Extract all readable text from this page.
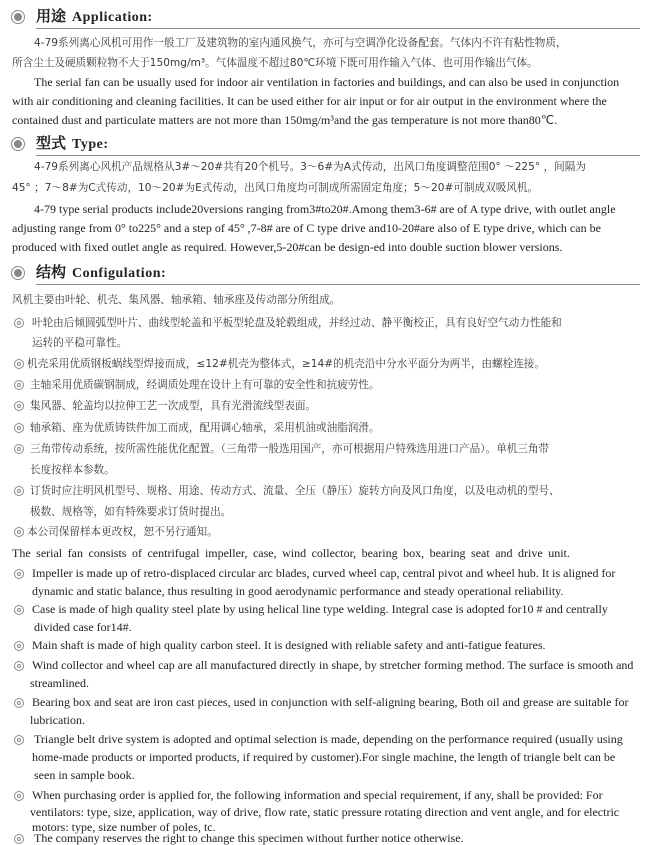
用途 Application:
4-79系列离心风机可用作一般工厂及建筑物的室内通风换气，亦可与空调净化设备配套。气体内不许有粘性物质，
所含尘土及硬质颗粒物不大于150mg/m³。气体温度不超过80℃环境下既可用作输入气体、也可用作输出气体。
The serial fan can be usually used for indoor air ventilation in factories and buildings, and can also be used in conjunction
with air conditioning and cleaning facilities. It can be used either for air input or for air output in the environment where the
contained dust and particulate matters are not more than 150mg/m³and the gas temperature is not more than80℃.
型式 Type:
4-79系列离心风机产品规格从3#～20#共有20个机号。3～6#为A式传动，出风口角度调整范围0° ～225° ，间隔为
45° ；7～8#为C式传动，10～20#为E式传动，出风口角度均可制成所需固定角度；5～20#可制成双吸风机。
4-79 type serial products include20versions ranging from3#to20#.Among them3-6# are of A type drive, with outlet angle
adjusting range from 0° to225° and a step of 45° ,7-8# are of C type drive and10-20#are also of E type drive, which can be
produced with fixed outlet angle as required. However,5-20#can be design-ed into double suction blower versions.
结构 Configulation:
风机主要由叶轮、机壳、集风器、轴承箱、轴承座及传动部分所组成。
叶轮由后倾圆弧型叶片、曲线型轮盖和平板型轮盘及轮毂组成，并经过动、静平衡校正，具有良好空气动力性能和
运转的平稳可靠性。
机壳采用优质钢板蜗线型焊接而成，≤12#机壳为整体式，≥14#的机壳沿中分水平面分为两半，由螺栓连接。
主轴采用优质碳钢制成，经调质处理在设计上有可靠的安全性和抗疲劳性。
集风器、轮盖均以拉伸工艺一次成型，具有光滑流线型表面。
轴承箱、座为优质铸铁件加工而成，配用调心轴承，采用机油或油脂润滑。
三角带传动系统，按所需性能优化配置。（三角带一般选用国产，亦可根据用户特殊选用进口产品）。单机三角带
长度按样本参数。
订货时应注明风机型号、规格、用途、传动方式、流量、全压（静压）旋转方向及风口角度，以及电动机的型号、
极数、规格等，如有特殊要求订货时提出。
本公司保留样本更改权，恕不另行通知。
The serial fan consists of centrifugal impeller, case, wind collector, bearing box, bearing seat and drive unit.
Impeller is made up of retro-displaced circular arc blades, curved wheel cap, central pivot and wheel hub. It is aligned for
dynamic and static balance, thus resulting in good aerodynamic performance and steady operational reliability.
Case is made of high quality steel plate by using helical line type welding. Integral case is adopted for10 # and centrally
divided case for14#.
Main shaft is made of high quality carbon steel. It is designed with reliable safety and anti-fatigue features.
Wind collector and wheel cap are all manufactured directly in shape, by stretcher forming method. The surface is smooth and
streamlined.
Bearing box and seat are iron cast pieces, used in conjunction with self-aligning bearing, Both oil and grease are suitable for
lubrication.
Triangle belt drive system is adopted and optimal selection is made, depending on the performance required (usually using
home-made products or imported products, if required by customer).For single machine, the length of triangle belt can be
seen in sample book.
When purchasing order is applied for, the following information and special requirement, if any, shall be provided: For
ventilators: type, size, application, way of drive, flow rate, static pressure rotating direction and vent angle, and for electric
motors: type, size number of poles, tc.
The company reserves the right to change this specimen without further notice otherwise.
